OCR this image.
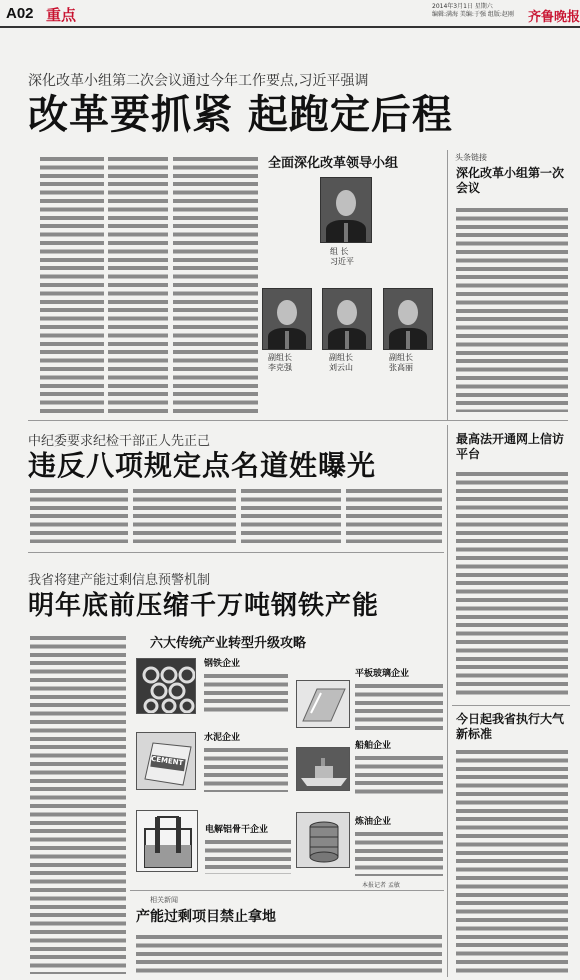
A02 重点	2014年3月1日 星期六
编辑:满海 美编:于强 组版:赵刚	齐鲁晚报
深化改革小组第二次会议通过今年工作要点,习近平强调
改革要抓紧 起跑定后程
全面深化改革领导小组
组 长
习近平
副组长
李克强
副组长
刘云山
副组长
张高丽
头条链接
深化改革小组第一次会议
中纪委要求纪检干部正人先正己
违反八项规定点名道姓曝光
最高法开通网上信访平台
我省将建产能过剩信息预警机制
明年底前压缩千万吨钢铁产能
六大传统产业转型升级攻略
钢铁企业
平板玻璃企业
CEMENT
水泥企业
船舶企业
电解铝骨干企业
炼油企业
本报记者 孟敏
相关新闻
产能过剩项目禁止拿地
今日起我省执行大气新标准
